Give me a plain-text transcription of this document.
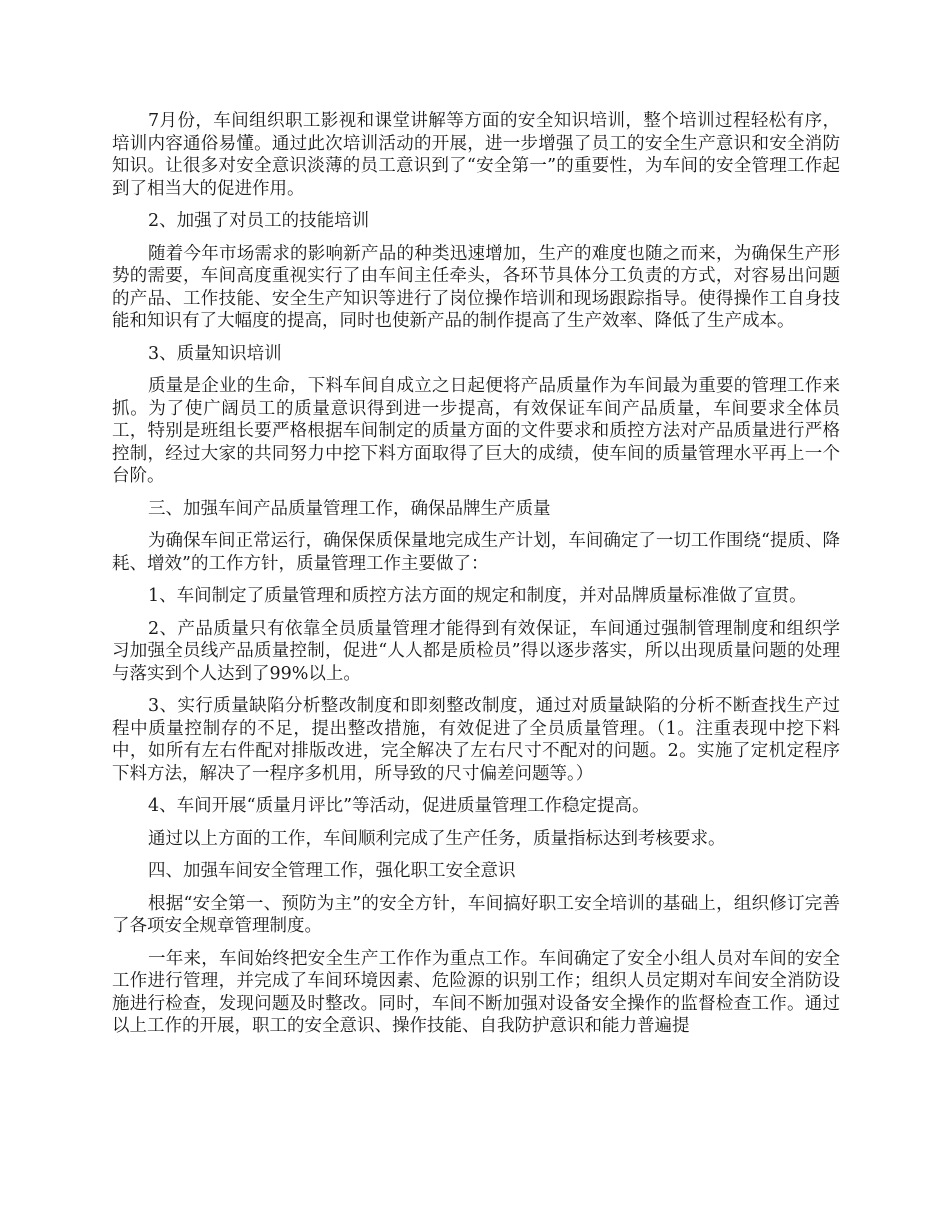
7月份，车间组织职工影视和课堂讲解等方面的安全知识培训，整个培训过程轻松有序，培训内容通俗易懂。通过此次培训活动的开展，进一步增强了员工的安全生产意识和安全消防知识。让很多对安全意识淡薄的员工意识到了“安全第一”的重要性，为车间的安全管理工作起到了相当大的促进作用。

2、加强了对员工的技能培训

随着今年市场需求的影响新产品的种类迅速增加，生产的难度也随之而来，为确保生产形势的需要，车间高度重视实行了由车间主任牵头，各环节具体分工负责的方式，对容易出问题的产品、工作技能、安全生产知识等进行了岗位操作培训和现场跟踪指导。使得操作工自身技能和知识有了大幅度的提高，同时也使新产品的制作提高了生产效率、降低了生产成本。

3、质量知识培训

质量是企业的生命，下料车间自成立之日起便将产品质量作为车间最为重要的管理工作来抓。为了使广阔员工的质量意识得到进一步提高，有效保证车间产品质量，车间要求全体员工，特别是班组长要严格根据车间制定的质量方面的文件要求和质控方法对产品质量进行严格控制，经过大家的共同努力中挖下料方面取得了巨大的成绩，使车间的质量管理水平再上一个台阶。

三、加强车间产品质量管理工作，确保品牌生产质量

为确保车间正常运行，确保保质保量地完成生产计划，车间确定了一切工作围绕“提质、降耗、增效”的工作方针，质量管理工作主要做了：

1、车间制定了质量管理和质控方法方面的规定和制度，并对品牌质量标准做了宣贯。

2、产品质量只有依靠全员质量管理才能得到有效保证，车间通过强制管理制度和组织学习加强全员线产品质量控制，促进“人人都是质检员”得以逐步落实，所以出现质量问题的处理与落实到个人达到了99%以上。

3、实行质量缺陷分析整改制度和即刻整改制度，通过对质量缺陷的分析不断查找生产过程中质量控制存的不足，提出整改措施，有效促进了全员质量管理。（1。注重表现中挖下料中，如所有左右件配对排版改进，完全解决了左右尺寸不配对的问题。2。实施了定机定程序下料方法，解决了一程序多机用，所导致的尺寸偏差问题等。）

4、车间开展“质量月评比”等活动，促进质量管理工作稳定提高。

通过以上方面的工作，车间顺利完成了生产任务，质量指标达到考核要求。

四、加强车间安全管理工作，强化职工安全意识

根据“安全第一、预防为主”的安全方针，车间搞好职工安全培训的基础上，组织修订完善了各项安全规章管理制度。

一年来，车间始终把安全生产工作作为重点工作。车间确定了安全小组人员对车间的安全工作进行管理，并完成了车间环境因素、危险源的识别工作；组织人员定期对车间安全消防设施进行检查，发现问题及时整改。同时，车间不断加强对设备安全操作的监督检查工作。通过以上工作的开展，职工的安全意识、操作技能、自我防护意识和能力普遍提
